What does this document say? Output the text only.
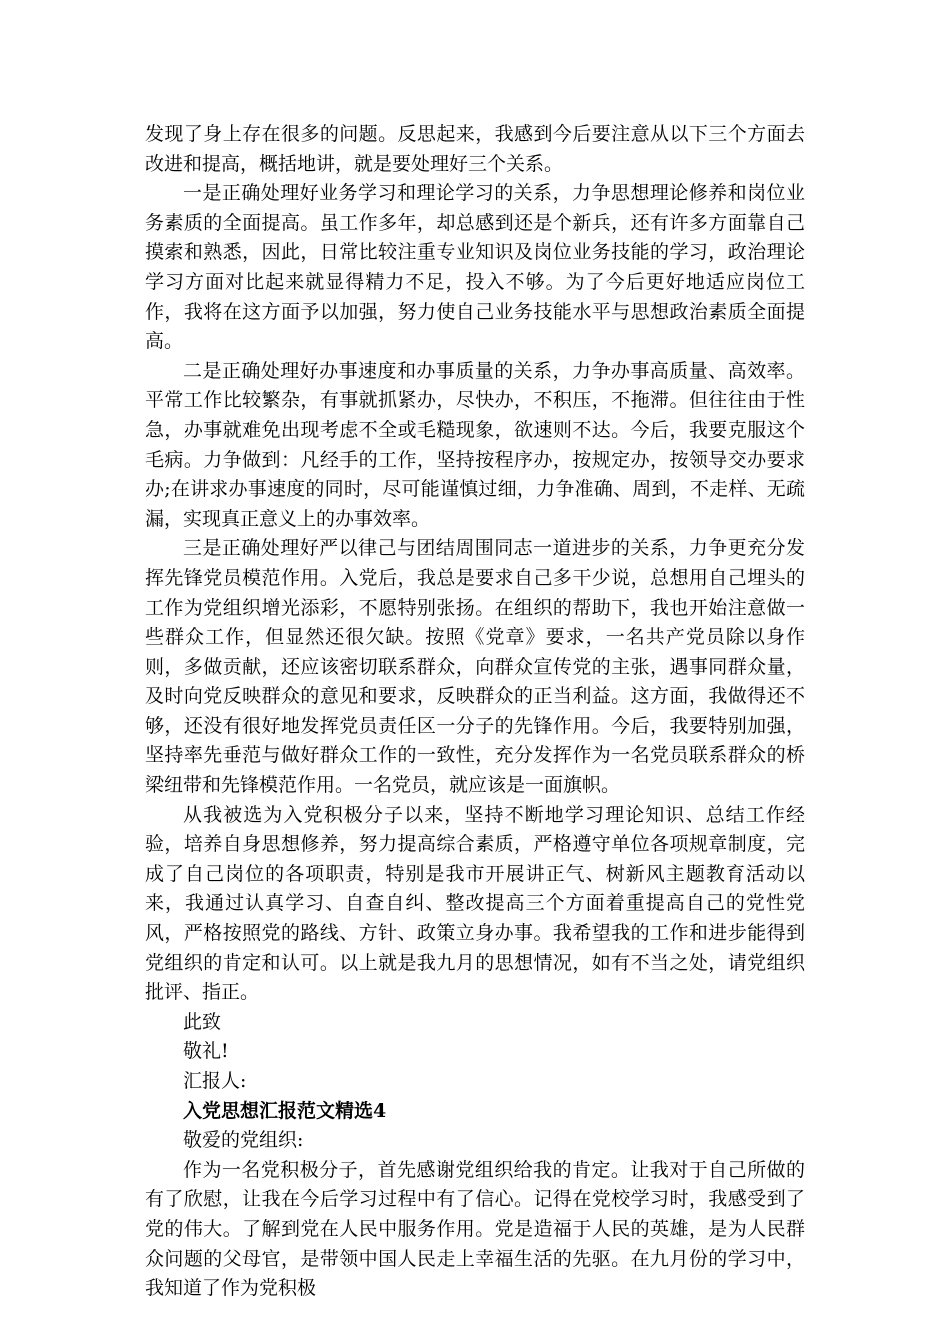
发现了身上存在很多的问题。反思起来，我感到今后要注意从以下三个方面去改进和提高，概括地讲，就是要处理好三个关系。

一是正确处理好业务学习和理论学习的关系，力争思想理论修养和岗位业务素质的全面提高。虽工作多年，却总感到还是个新兵，还有许多方面靠自己摸索和熟悉，因此，日常比较注重专业知识及岗位业务技能的学习，政治理论学习方面对比起来就显得精力不足，投入不够。为了今后更好地适应岗位工作，我将在这方面予以加强，努力使自己业务技能水平与思想政治素质全面提高。

二是正确处理好办事速度和办事质量的关系，力争办事高质量、高效率。平常工作比较繁杂，有事就抓紧办，尽快办，不积压，不拖滞。但往往由于性急，办事就难免出现考虑不全或毛糙现象，欲速则不达。今后，我要克服这个毛病。力争做到：凡经手的工作，坚持按程序办，按规定办，按领导交办要求办;在讲求办事速度的同时，尽可能谨慎过细，力争准确、周到，不走样、无疏漏，实现真正意义上的办事效率。

三是正确处理好严以律己与团结周围同志一道进步的关系，力争更充分发挥先锋党员模范作用。入党后，我总是要求自己多干少说，总想用自己埋头的工作为党组织增光添彩，不愿特别张扬。在组织的帮助下，我也开始注意做一些群众工作，但显然还很欠缺。按照《党章》要求，一名共产党员除以身作则，多做贡献，还应该密切联系群众，向群众宣传党的主张，遇事同群众量，及时向党反映群众的意见和要求，反映群众的正当利益。这方面，我做得还不够，还没有很好地发挥党员责任区一分子的先锋作用。今后，我要特别加强，坚持率先垂范与做好群众工作的一致性，充分发挥作为一名党员联系群众的桥梁纽带和先锋模范作用。一名党员，就应该是一面旗帜。

从我被选为入党积极分子以来，坚持不断地学习理论知识、总结工作经验，培养自身思想修养，努力提高综合素质，严格遵守单位各项规章制度，完成了自己岗位的各项职责，特别是我市开展讲正气、树新风主题教育活动以来，我通过认真学习、自查自纠、整改提高三个方面着重提高自己的党性党风，严格按照党的路线、方针、政策立身办事。我希望我的工作和进步能得到党组织的肯定和认可。以上就是我九月的思想情况，如有不当之处，请党组织批评、指正。

此致

敬礼!

汇报人:

入党思想汇报范文精选4

敬爱的党组织:

作为一名党积极分子，首先感谢党组织给我的肯定。让我对于自己所做的有了欣慰，让我在今后学习过程中有了信心。记得在党校学习时，我感受到了党的伟大。了解到党在人民中服务作用。党是造福于人民的英雄，是为人民群众问题的父母官，是带领中国人民走上幸福生活的先驱。在九月份的学习中，我知道了作为党积极
